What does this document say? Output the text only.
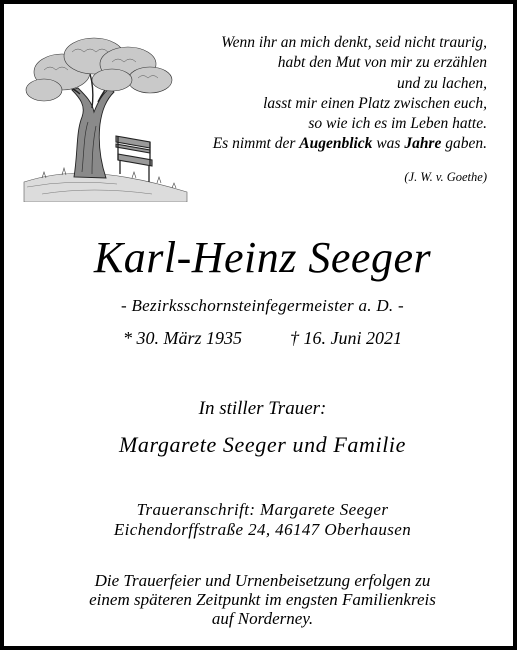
Wenn ihr an mich denkt, seid nicht traurig,
habt den Mut von mir zu erzählen
und zu lachen,
lasst mir einen Platz zwischen euch,
so wie ich es im Leben hatte.
Es nimmt der Augenblick was Jahre gaben.
(J. W. v. Goethe)
Karl-Heinz Seeger
- Bezirksschornsteinfegermeister a. D. -
* 30. März 1935	† 16. Juni 2021
In stiller Trauer:
Margarete Seeger und Familie
Traueranschrift: Margarete Seeger
Eichendorffstraße 24, 46147 Oberhausen
Die Trauerfeier und Urnenbeisetzung erfolgen zu
einem späteren Zeitpunkt im engsten Familienkreis
auf Norderney.
